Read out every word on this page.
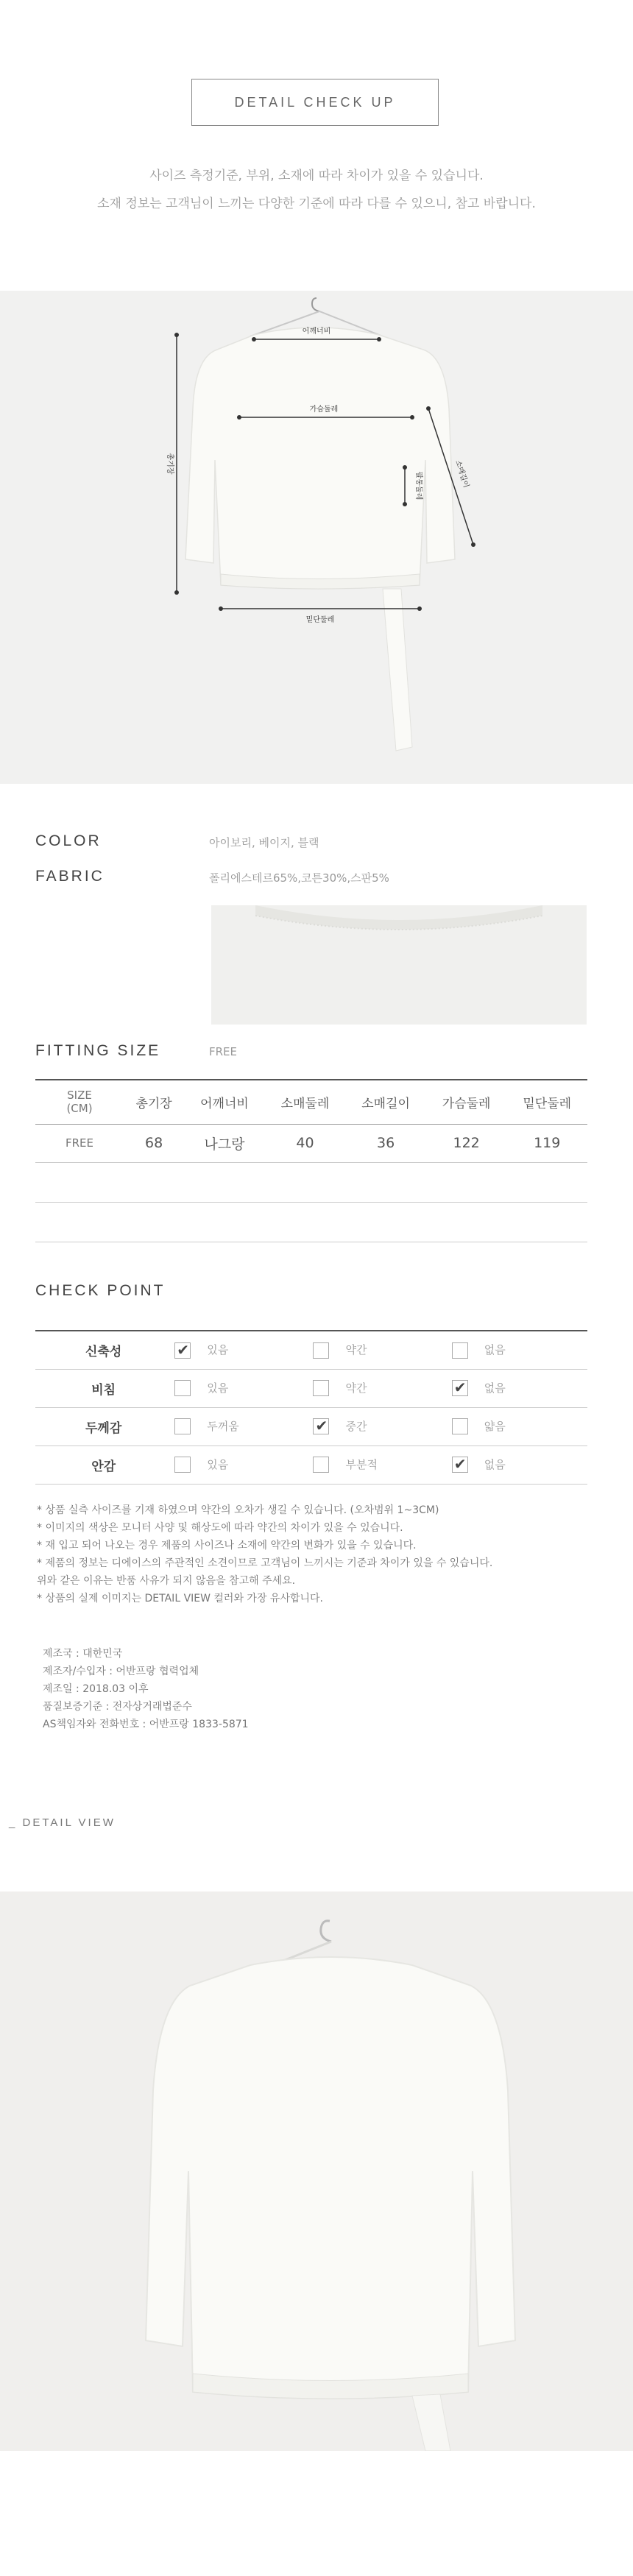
DETAIL CHECK UP
사이즈 측정기준, 부위, 소재에 따라 차이가 있을 수 있습니다.
소재 정보는 고객님이 느끼는 다양한 기준에 따라 다를 수 있으니, 참고 바랍니다.
어깨너비
가슴둘레
총기장	소매길이
팔통둘레
밑단둘레
COLOR	아이보리, 베이지, 블랙
FABRIC	폴리에스테르65%,코튼30%,스판5%
FITTING SIZE	FREE
SIZE
(CM)	총기장	어깨너비	소매둘레	소매길이	가슴둘레	밑단둘레
FREE	68	나그랑	40	36	122	119

CHECK POINT
신축성	✔있음	약간	없음
비침	있음	약간	✔없음
두께감	두꺼움	✔중간	얇음
안감	있음	부분적	✔없음
* 상품 실측 사이즈를 기재 하였으며 약간의 오차가 생길 수 있습니다. (오차범위 1~3CM)
* 이미지의 색상은 모니터 사양 및 해상도에 따라 약간의 차이가 있을 수 있습니다.
* 재 입고 되어 나오는 경우 제품의 사이즈나 소재에 약간의 변화가 있을 수 있습니다.
* 제품의 정보는 디에이스의 주관적인 소견이므로 고객님이 느끼시는 기준과 차이가 있을 수 있습니다.
위와 같은 이유는 반품 사유가 되지 않음을 참고해 주세요.
* 상품의 실제 이미지는 DETAIL VIEW 컬러와 가장 유사합니다.
제조국 : 대한민국
제조자/수입자 : 어반프랑 협력업체
제조일 : 2018.03 이후
품질보증기준 : 전자상거래법준수
AS책임자와 전화번호 : 어반프랑 1833-5871
_ DETAIL VIEW
